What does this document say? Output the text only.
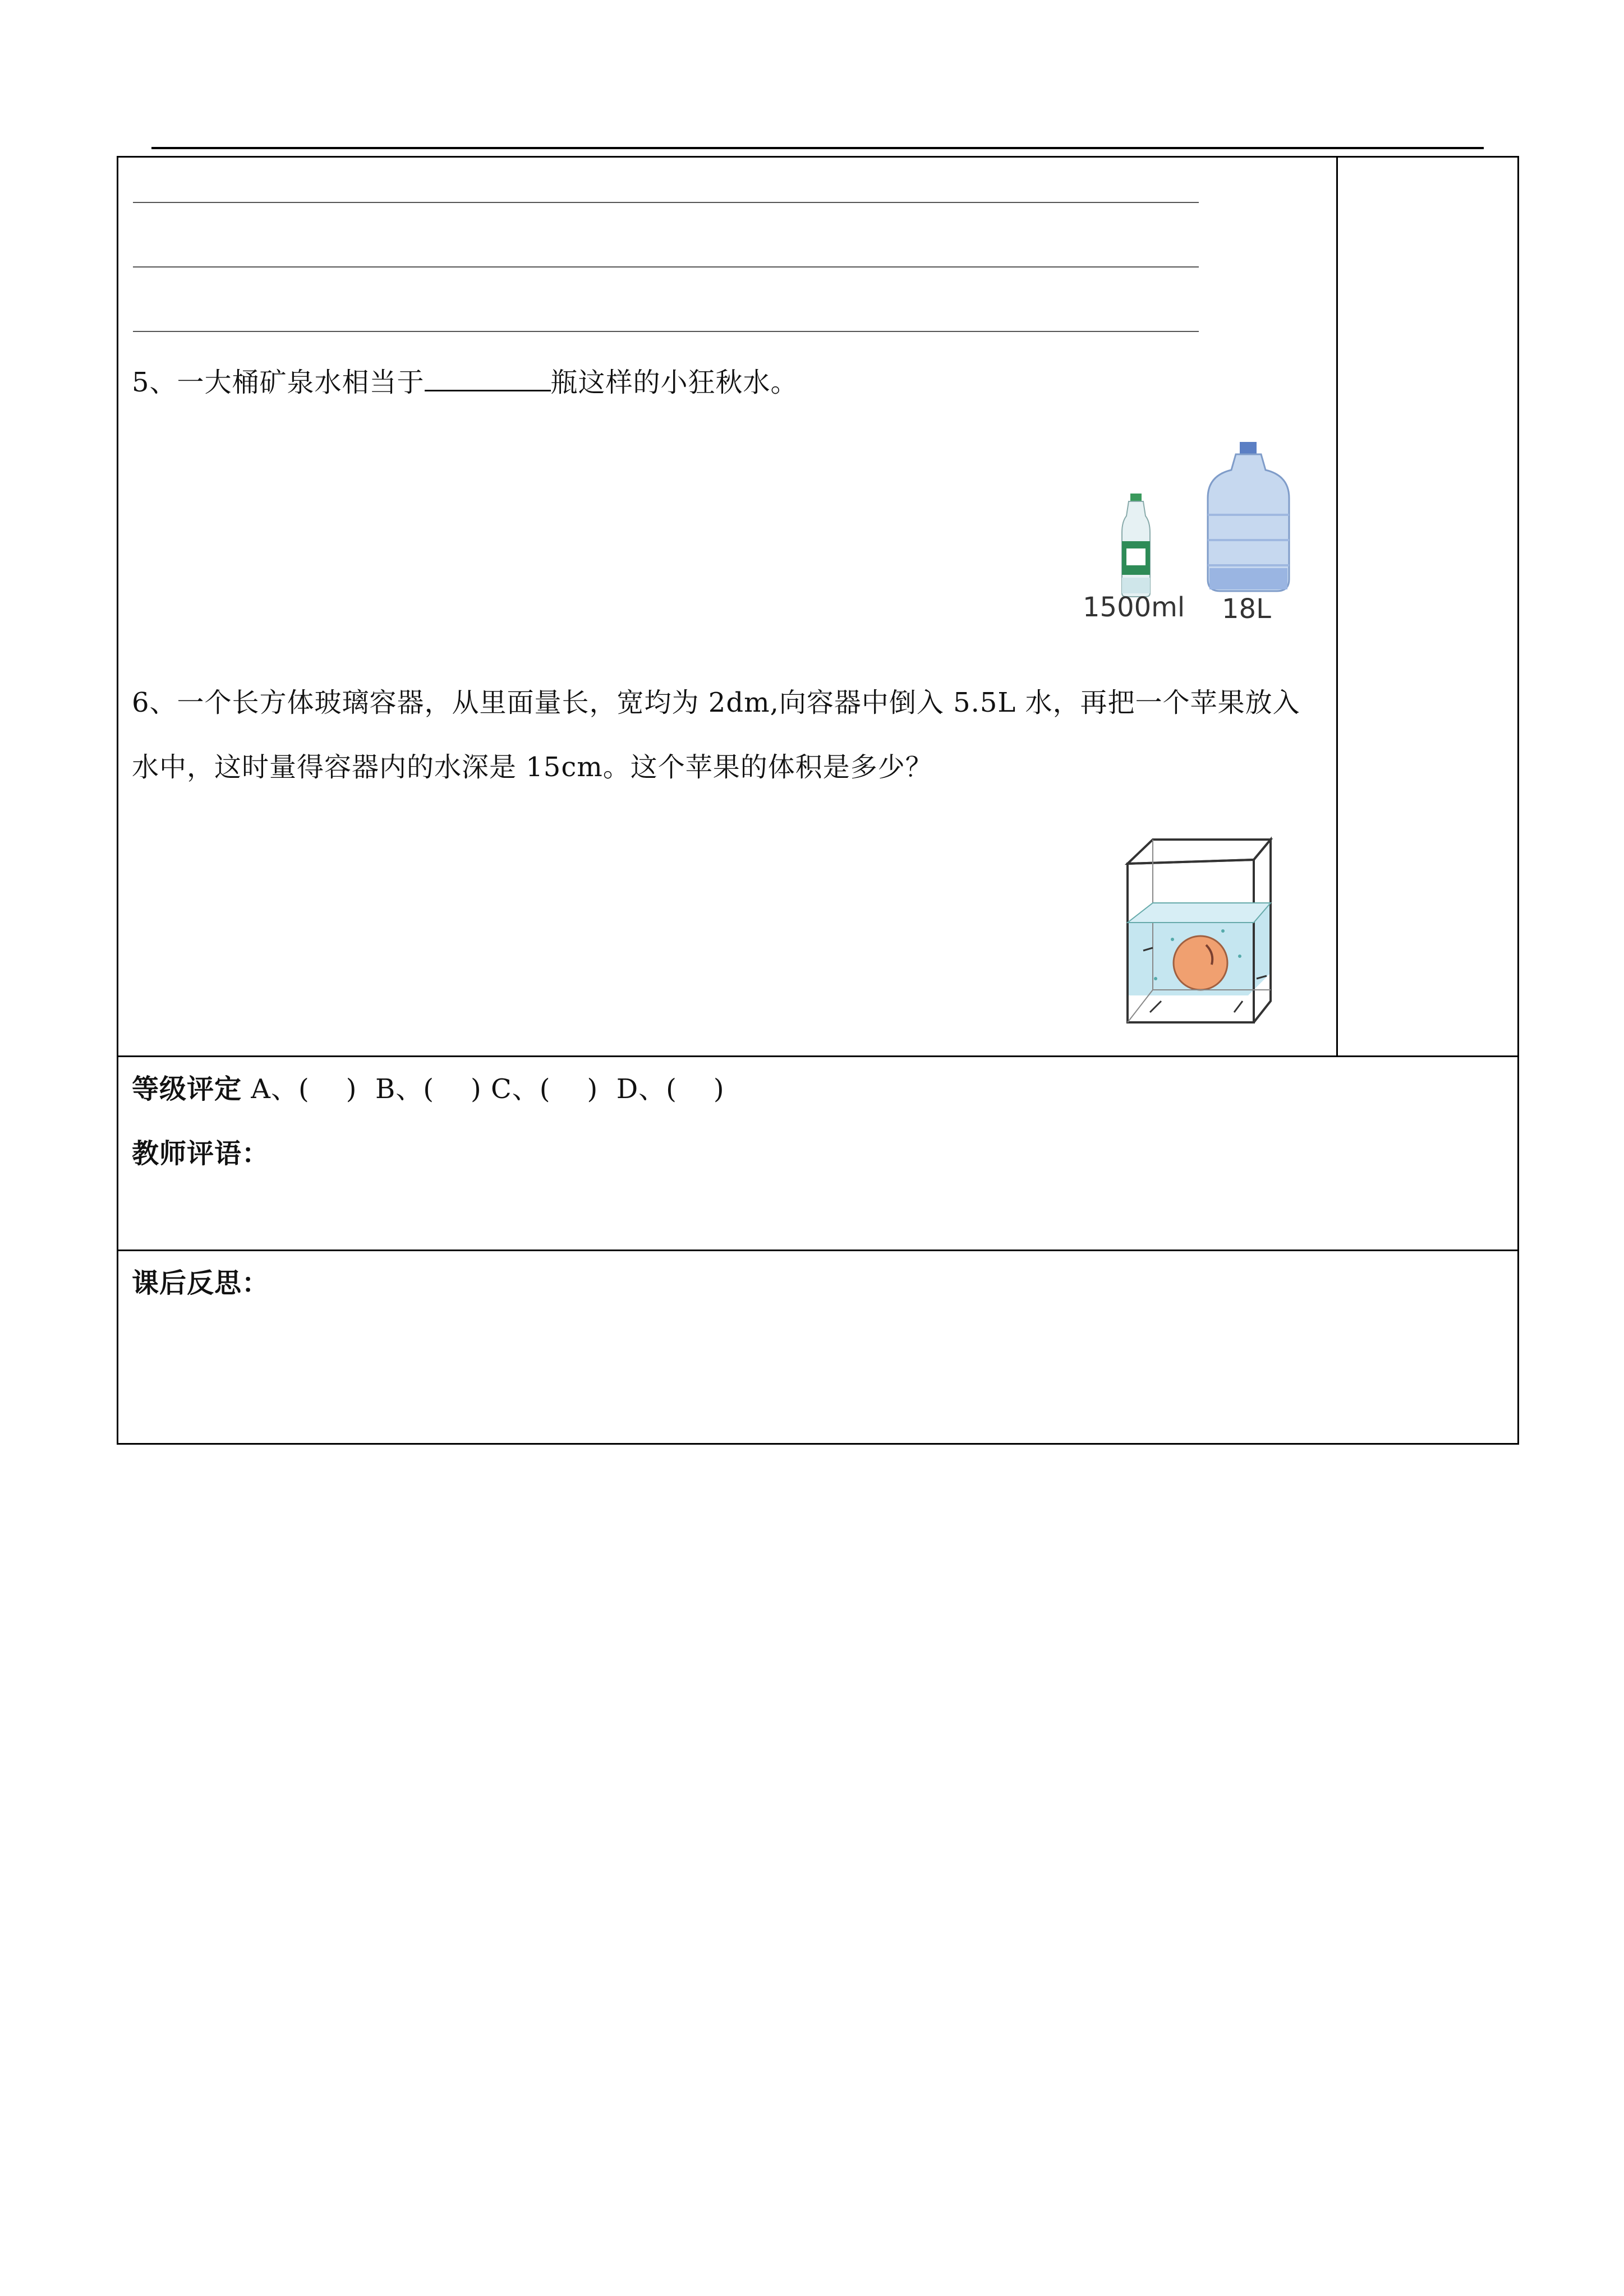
5、一大桶矿泉水相当于	瓶这样的小狂秋水。
1500ml 18L
6、一个长方体玻璃容器，从里面量长，宽均为 2dm,向容器中倒入 5.5L 水，再把一个苹果放入
水中，这时量得容器内的水深是 15cm。这个苹果的体积是多少？
等级评定 A、(    )  B、(    ) C、(    )  D、(    )
教师评语：
课后反思：
